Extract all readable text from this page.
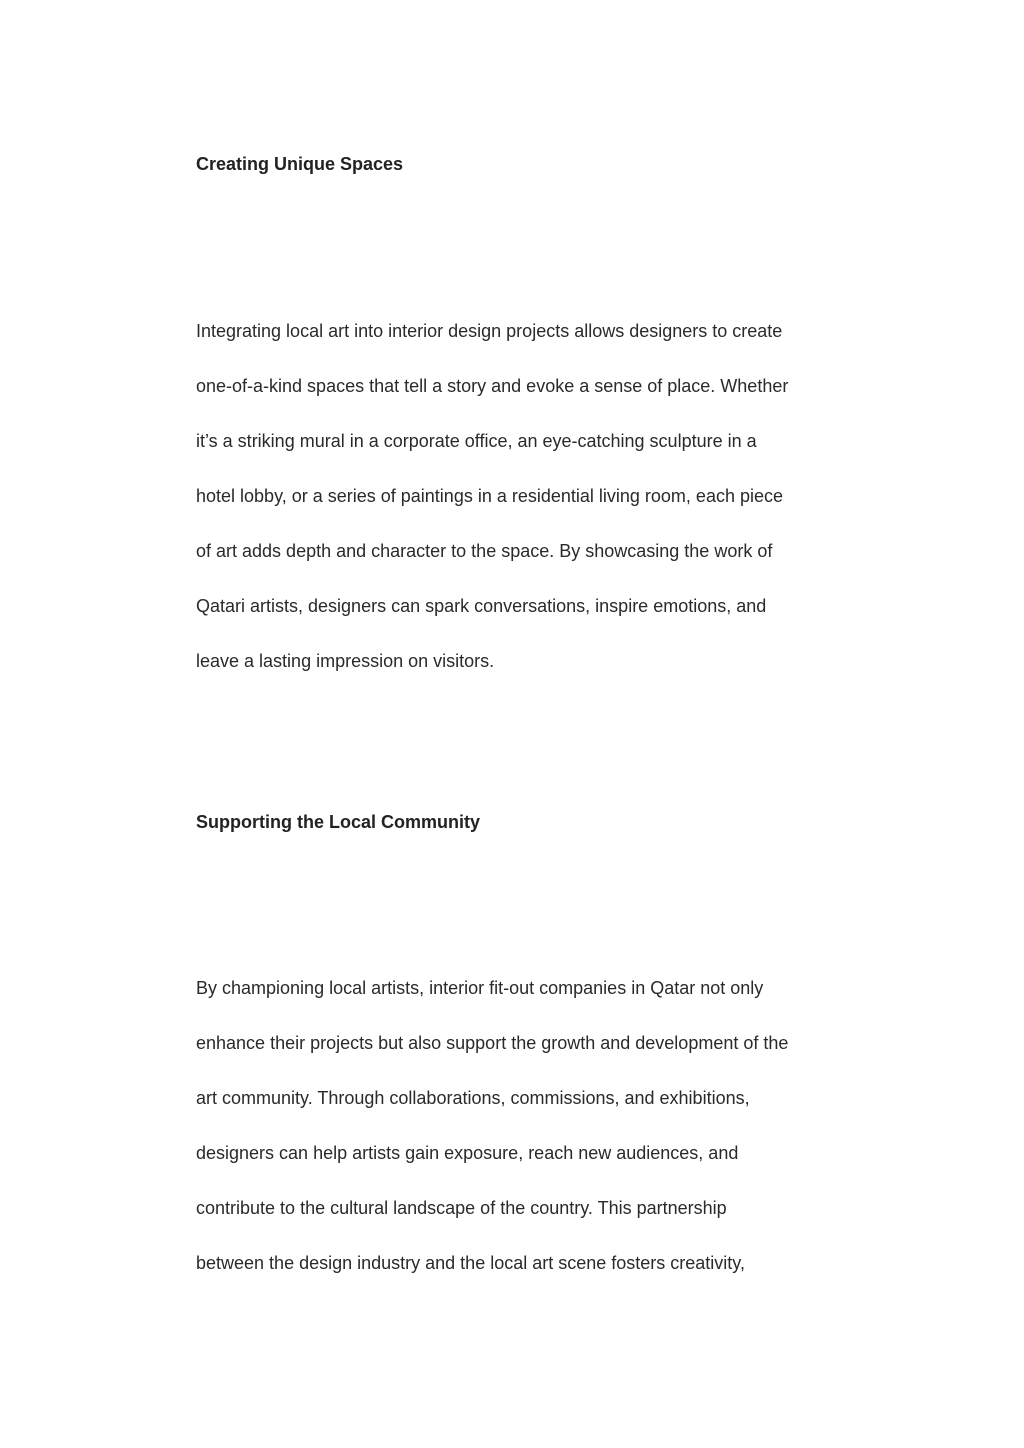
Creating Unique Spaces
Integrating local art into interior design projects allows designers to create
one-of-a-kind spaces that tell a story and evoke a sense of place. Whether
it’s a striking mural in a corporate office, an eye-catching sculpture in a
hotel lobby, or a series of paintings in a residential living room, each piece
of art adds depth and character to the space. By showcasing the work of
Qatari artists, designers can spark conversations, inspire emotions, and
leave a lasting impression on visitors.
Supporting the Local Community
By championing local artists, interior fit-out companies in Qatar not only
enhance their projects but also support the growth and development of the
art community. Through collaborations, commissions, and exhibitions,
designers can help artists gain exposure, reach new audiences, and
contribute to the cultural landscape of the country. This partnership
between the design industry and the local art scene fosters creativity,
